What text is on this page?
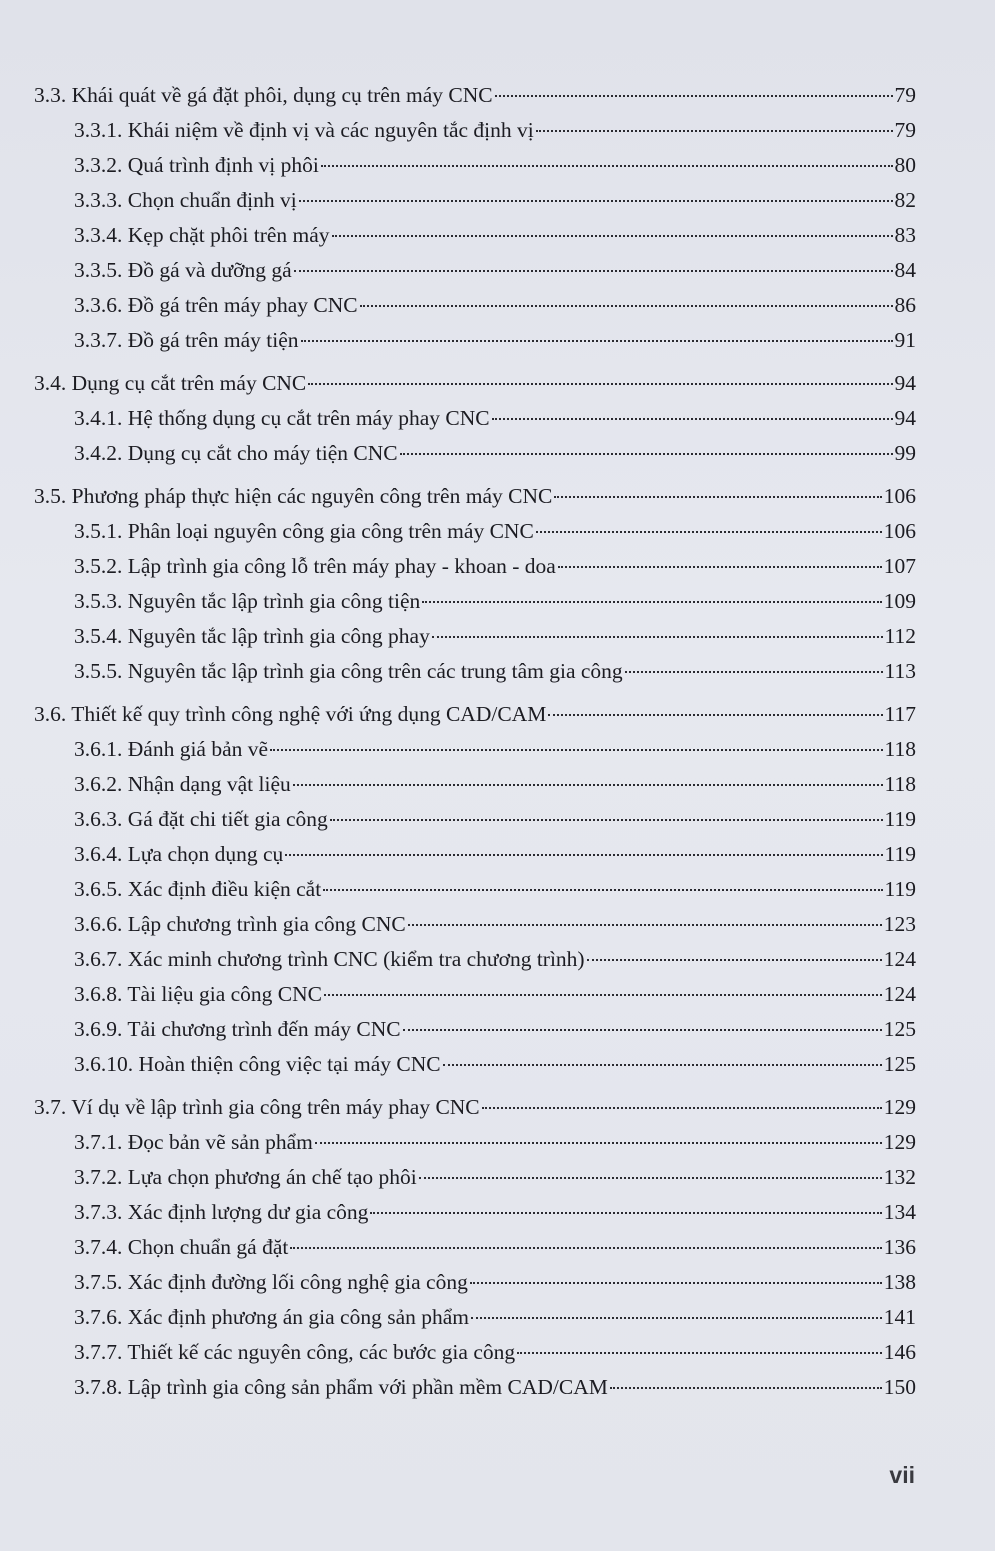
3.3. Khái quát về gá đặt phôi, dụng cụ trên máy CNC	79
3.3.1. Khái niệm về định vị và các nguyên tắc định vị	79
3.3.2. Quá trình định vị phôi	80
3.3.3. Chọn chuẩn định vị	82
3.3.4. Kẹp chặt phôi trên máy	83
3.3.5. Đồ gá và dưỡng gá	84
3.3.6. Đồ gá trên máy phay CNC	86
3.3.7. Đồ gá trên máy tiện	91
3.4. Dụng cụ cắt trên máy CNC	94
3.4.1. Hệ thống dụng cụ cắt trên máy phay CNC	94
3.4.2. Dụng cụ cắt cho máy tiện CNC	99
3.5. Phương pháp thực hiện các nguyên công trên máy CNC	106
3.5.1. Phân loại nguyên công gia công trên máy CNC	106
3.5.2. Lập trình gia công lỗ trên máy phay - khoan - doa	107
3.5.3. Nguyên tắc lập trình gia công tiện	109
3.5.4. Nguyên tắc lập trình gia công phay	112
3.5.5. Nguyên tắc lập trình gia công trên các trung tâm gia công	113
3.6. Thiết kế quy trình công nghệ với ứng dụng CAD/CAM	117
3.6.1. Đánh giá bản vẽ	118
3.6.2. Nhận dạng vật liệu	118
3.6.3. Gá đặt chi tiết gia công	119
3.6.4. Lựa chọn dụng cụ	119
3.6.5. Xác định điều kiện cắt	119
3.6.6. Lập chương trình gia công CNC	123
3.6.7. Xác minh chương trình CNC (kiểm tra chương trình)	124
3.6.8. Tài liệu gia công CNC	124
3.6.9. Tải chương trình đến máy CNC	125
3.6.10. Hoàn thiện công việc tại máy CNC	125
3.7. Ví dụ về lập trình gia công trên máy phay CNC	129
3.7.1. Đọc bản vẽ sản phẩm	129
3.7.2. Lựa chọn phương án chế tạo phôi	132
3.7.3. Xác định lượng dư gia công	134
3.7.4. Chọn chuẩn gá đặt	136
3.7.5. Xác định đường lối công nghệ gia công	138
3.7.6. Xác định phương án gia công sản phẩm	141
3.7.7. Thiết kế các nguyên công, các bước gia công	146
3.7.8. Lập trình gia công sản phẩm với phần mềm CAD/CAM	150
vii
